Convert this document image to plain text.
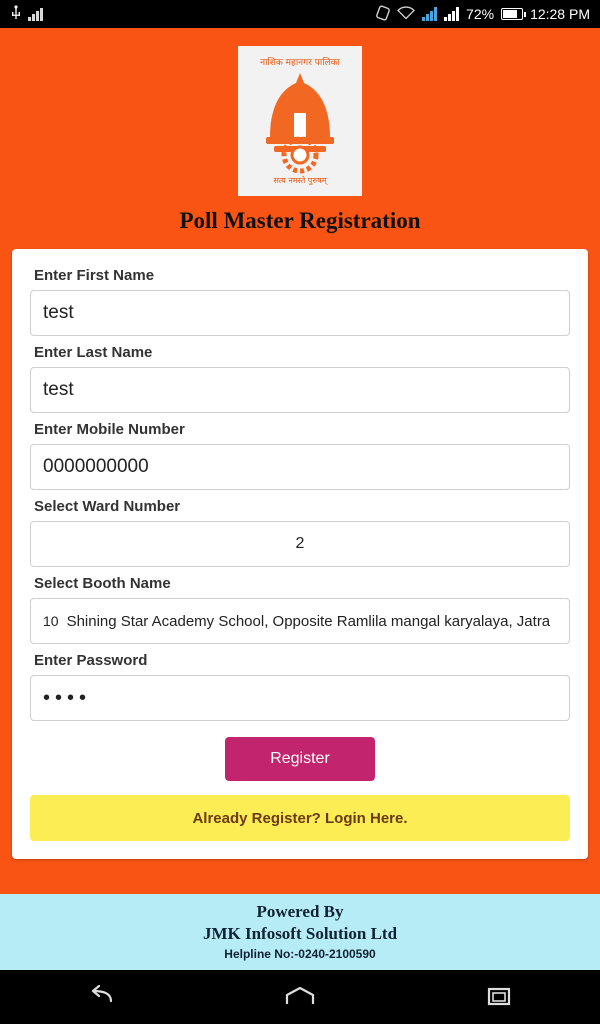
72%	12:28 PM
नाशिक महानगर पालिका
सत्य नमस्ते पुरुषम्
Poll Master Registration
Enter First Name
test
Enter Last Name
test
Enter Mobile Number
0000000000
Select Ward Number
2
Select Booth Name
10 Shining Star Academy School, Opposite Ramlila mangal karyalaya, Jatra
Enter Password
••••
Register
Already Register? Login Here.
Powered By
JMK Infosoft Solution Ltd
Helpline No:-0240-2100590
